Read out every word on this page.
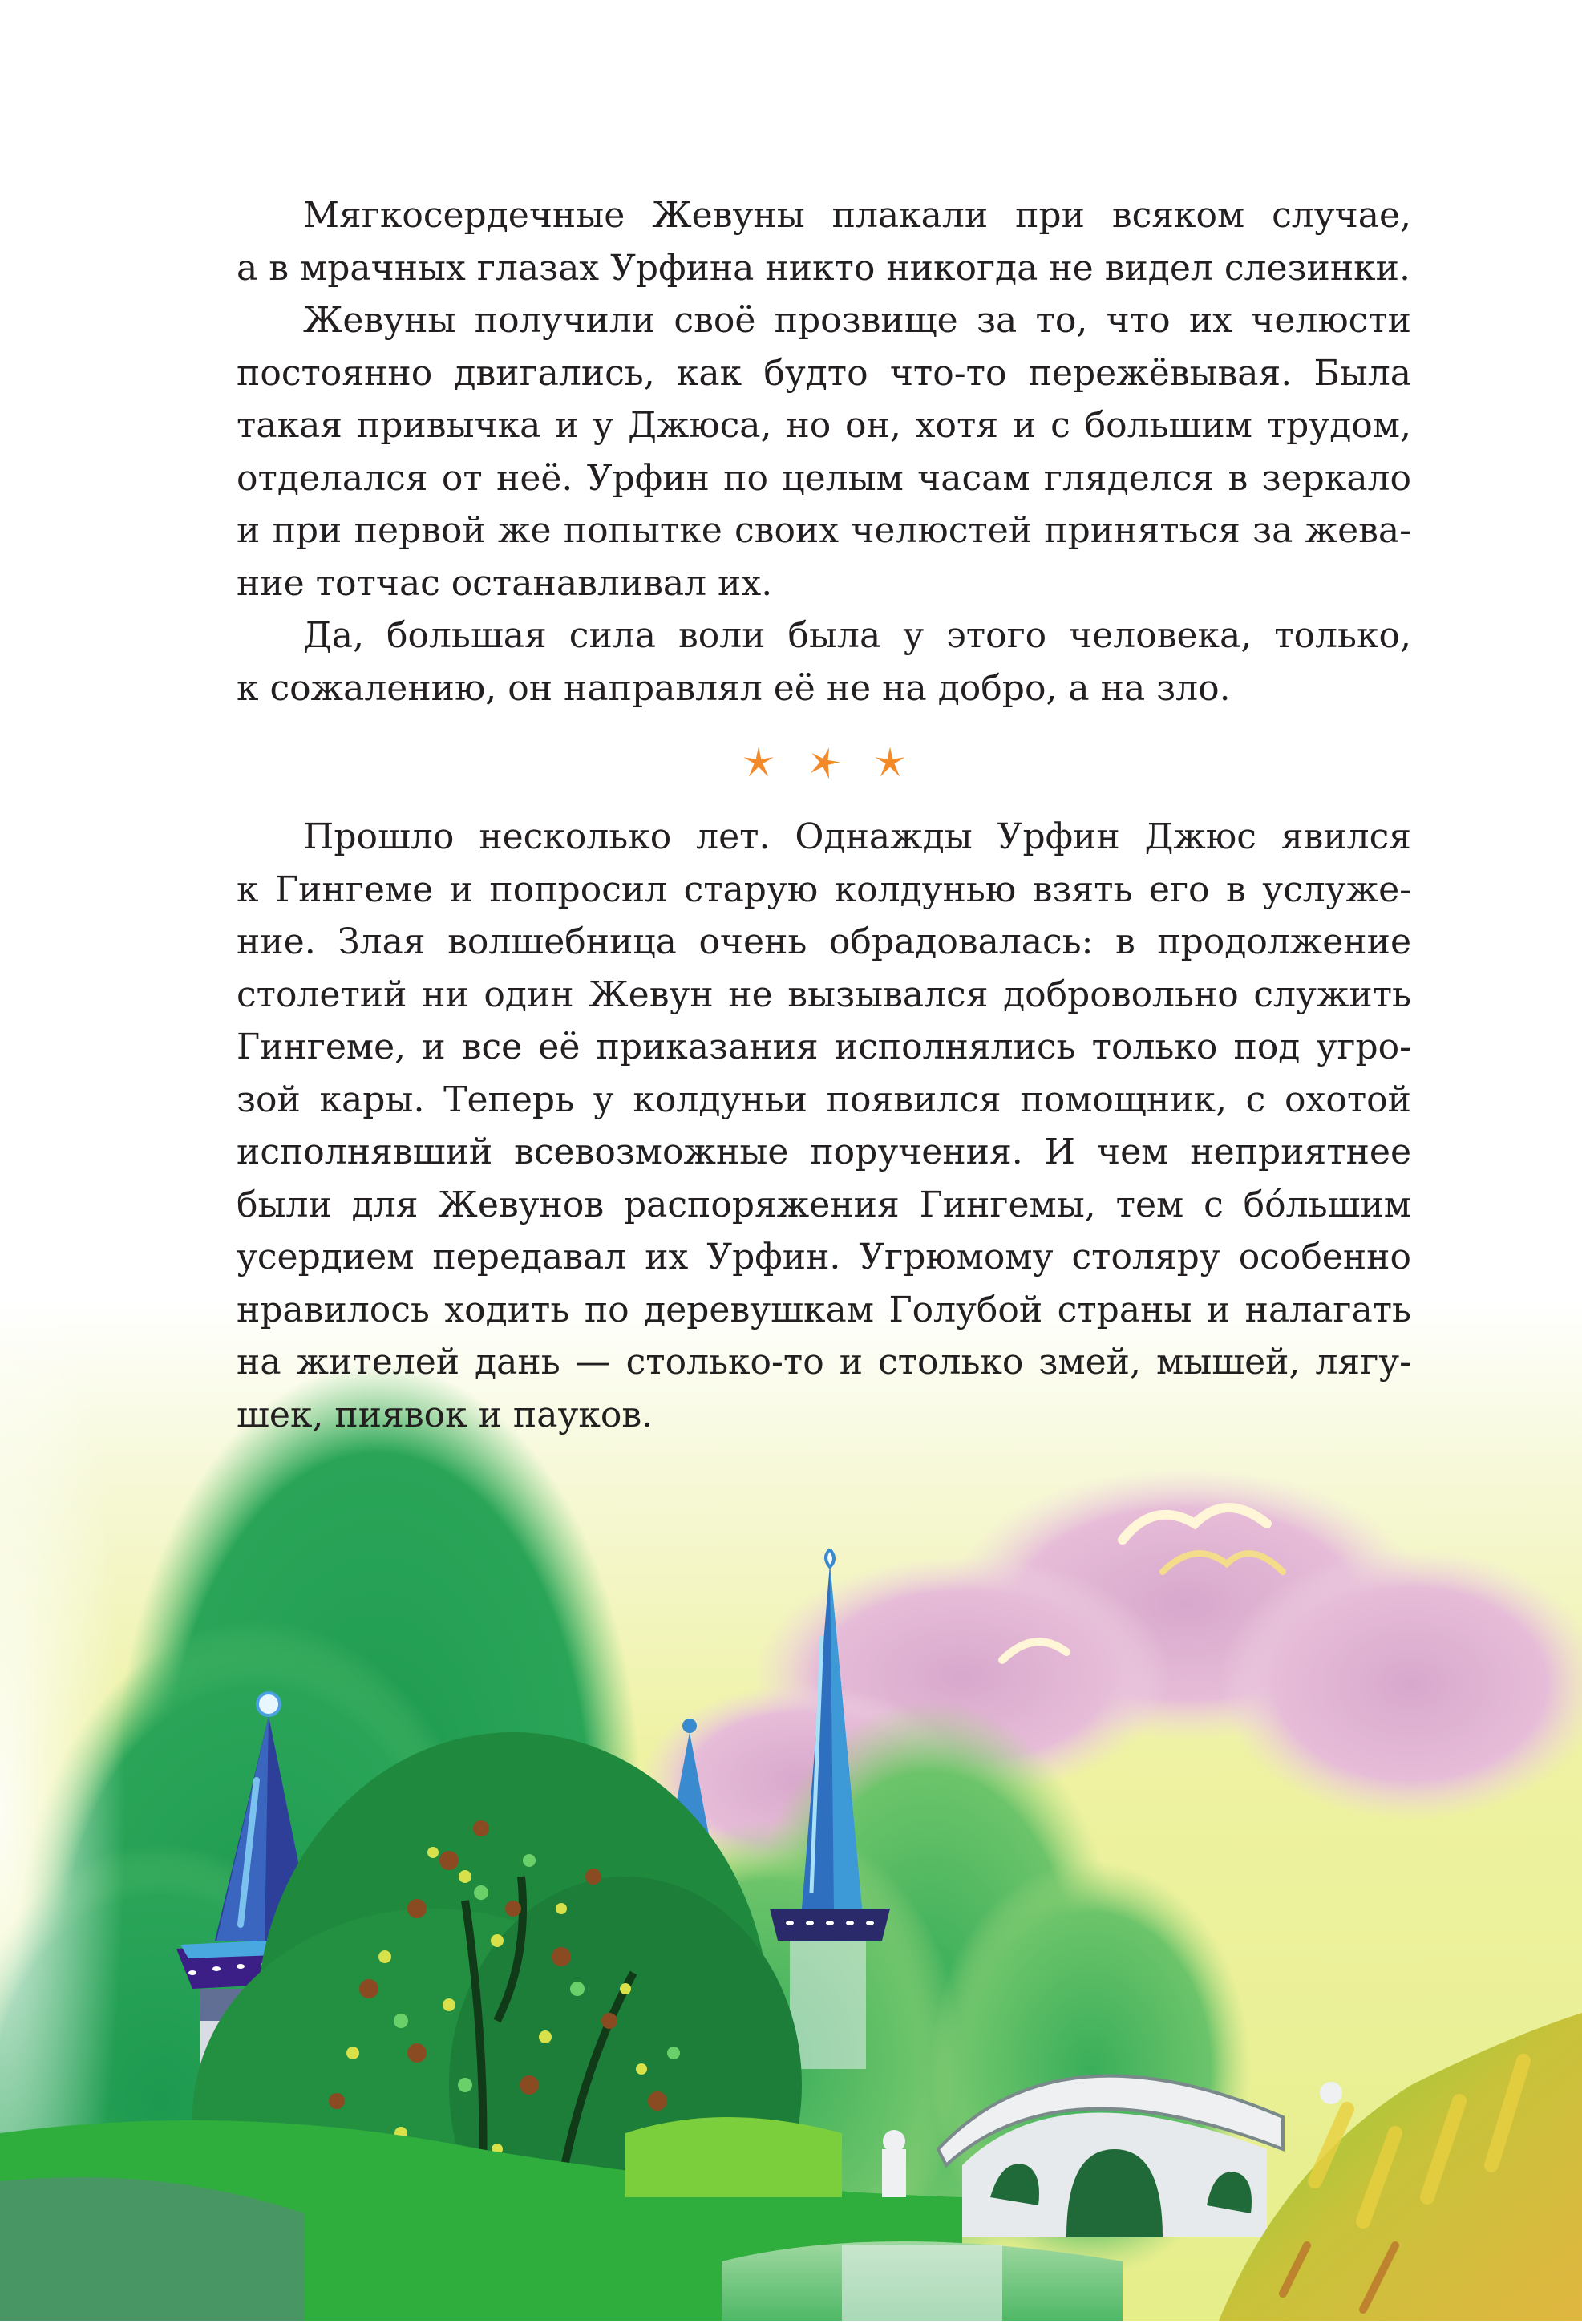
Мягкосердечные Жевуны плакали при всяком случае,
а в мрачных глазах Урфина никто никогда не видел слезинки.
Жевуны получили своё прозвище за то, что их челюсти
постоянно двигались, как будто что-то пережёвывая. Была
такая привычка и у Джюса, но он, хотя и с большим трудом,
отделался от неё. Урфин по целым часам гляделся в зеркало
и при первой же попытке своих челюстей приняться за жева-
ние тотчас останавливал их.
Да, большая сила воли была у этого человека, только,
к сожалению, он направлял её не на добро, а на зло.
Прошло несколько лет. Однажды Урфин Джюс явился
к Гингеме и попросил старую колдунью взять его в услуже-
ние. Злая волшебница очень обрадовалась: в продолжение
столетий ни один Жевун не вызывался добровольно служить
Гингеме, и все её приказания исполнялись только под угро-
зой кары. Теперь у колдуньи появился помощник, с охотой
исполнявший всевозможные поручения. И чем неприятнее
были для Жевунов распоряжения Гингемы, тем с бо́льшим
усердием передавал их Урфин. Угрюмому столяру особенно
нравилось ходить по деревушкам Голубой страны и налагать
на жителей дань — столько-то и столько змей, мышей, лягу-
шек, пиявок и пауков.
